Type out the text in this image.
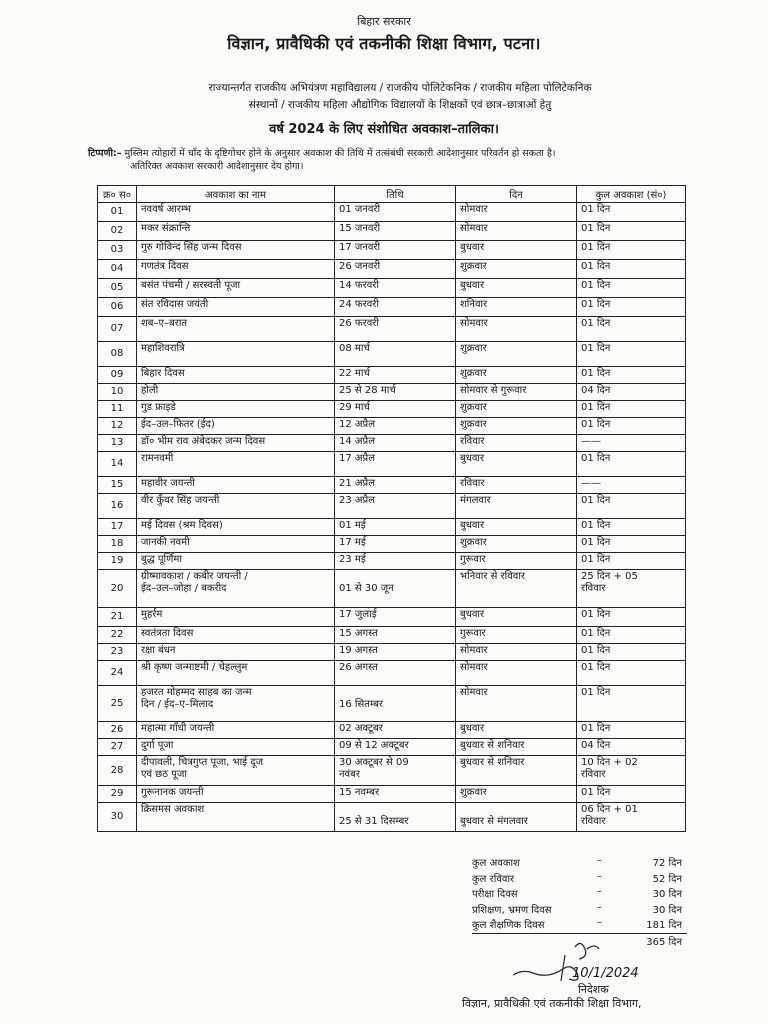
बिहार सरकार
विज्ञान, प्रावैधिकी एवं तकनीकी शिक्षा विभाग, पटना।
राज्यान्तर्गत राजकीय अभियंत्रण महाविद्यालय / राजकीय पोलिटेकनिक / राजकीय महिला पोलिटेकनिक
संस्थानों / राजकीय महिला औद्योगिक विद्यालयों के शिक्षकों एवं छात्र–छात्राओं हेतु
वर्ष 2024 के लिए संशोधित अवकाश–तालिका।
टिप्पणी:– मुस्लिम त्योहारों में चाँद के दृष्टिगोचर होने के अनुसार अवकाश की तिथि में तत्संबंधी सरकारी आदेशानुसार परिवर्तन हो सकता है।
अतिरिक्त अवकाश सरकारी आदेशानुसार देय होगा।
क्र० स०	अवकाश का नाम	तिथि	दिन	कुल अवकाश (सं०)

01	नववर्ष आरम्भ	01 जनवरी	सोमवार	01 दिन

02	मकर संक्रान्ति	15 जनवरी	सोमवार	01 दिन

03	गुरु गोविन्द सिंह जन्म दिवस	17 जनवरी	बुधवार	01 दिन

04	गणतंत्र दिवस	26 जनवरी	शुक्रवार	01 दिन

05	बसंत पंचमी / सरस्वती पूजा	14 फरवरी	बुधवार	01 दिन

06	संत रविदास जयंती	24 फरवरी	शनिवार	01 दिन

07	शब–ए–बरात	26 फरवरी	सोमवार	01 दिन

08	महाशिवरात्रि	08 मार्च	शुक्रवार	01 दिन

09	बिहार दिवस	22 मार्च	शुक्रवार	01 दिन

10	होली	25 से 28 मार्च	सोमवार से गुरूवार	04 दिन

11	गुड फ्राइडे	29 मार्च	शुक्रवार	01 दिन

12	ईद–उल–फितर (ईद)	12 अप्रैल	शुक्रवार	01 दिन

13	डॉ० भीम राव अंबेदकर जन्म दिवस	14 अप्रैल	रविवार	——

14	रामनवमी	17 अप्रैल	बुधवार	01 दिन

15	महावीर जयन्ती	21 अप्रैल	रविवार	——

16	वीर कुँवर सिंह जयन्ती	23 अप्रैल	मंगलवार	01 दिन

17	मई दिवस (श्रम दिवस)	01 मई	बुधवार	01 दिन

18	जानकी नवमी	17 मई	शुक्रवार	01 दिन

19	बुद्ध पूर्णिमा	23 मई	गुरूवार	01 दिन

20	ग्रीष्मावकाश / कबीर जयन्ती /
ईद–उल–जोहा / बकरीद	
01 से 30 जून	भनिवार से रविवार	25 दिन + 05
रविवार

21	मुहर्रम	17 जुलाई	बुधवार	01 दिन

22	स्वतंत्रता दिवस	15 अगस्त	गुरूवार	01 दिन

23	रक्षा बंधन	19 अगस्त	सोमवार	01 दिन

24	श्री कृष्ण जन्माष्टमी / चेहल्लुम	26 अगस्त	सोमवार	01 दिन

25	हजरत मोहम्मद साहब का जन्म
दिन / ईद–ए–मिलाद	
16 सितम्बर	सोमवार	01 दिन

26	महात्मा गाँधी जयन्ती	02 अक्टूबर	बुधवार	01 दिन

27	दुर्गा पूजा	09 से 12 अक्टूबर	बुधवार से शनिवार	04 दिन

28	दीपावली, चित्रगुप्त पूजा, भाई दूज
एवं छठ पूजा	30 अक्टूबर से 09
नवंबर	बुधवार से शनिवार	10 दिन + 02
रविवार

29	गुरूनानक जयन्ती	15 नवम्बर	शुक्रवार	01 दिन

30	क्रिसमस अवकाश	
25 से 31 दिसम्बर	
बुधवार से मंगलवार	06 दिन + 01
रविवार
कुल अवकाश	–	72 दिन
कुल रविवार	–	52 दिन
परीक्षा दिवस	–	30 दिन
प्रशिक्षण, भ्रमण दिवस	–	30 दिन
कुल शैक्षणिक दिवस	–	181 दिन
365 दिन
10/1/2024
निदेशक
विज्ञान, प्रावैधिकी एवं तकनीकी शिक्षा विभाग,
